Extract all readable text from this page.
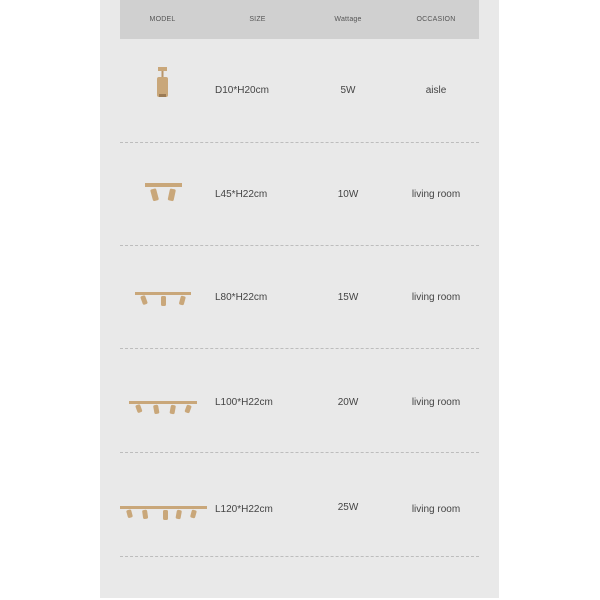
MODEL	SIZE	Wattage	OCCASION
D10*H20cm	5W	aisle
L45*H22cm	10W	living room
L80*H22cm	15W	living room
L100*H22cm	20W	living room
L120*H22cm	25W	living room
